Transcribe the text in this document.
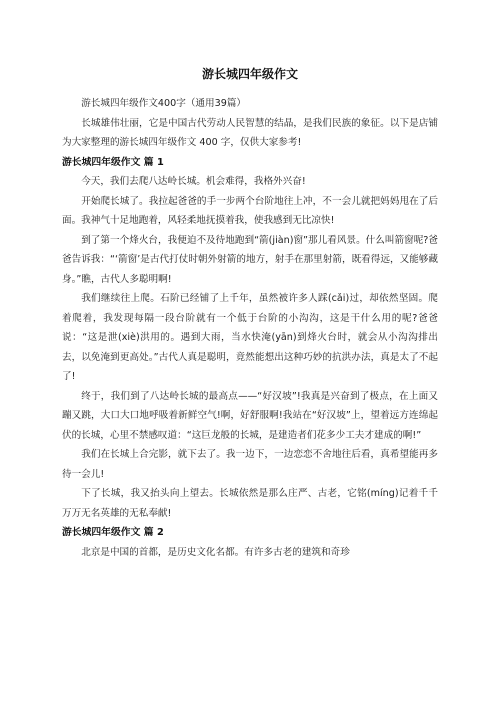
游长城四年级作文

游长城四年级作文400字（通用39篇）

长城雄伟壮丽，它是中国古代劳动人民智慧的结晶，是我们民族的象征。以下是店铺为大家整理的游长城四年级作文 400 字，仅供大家参考!

游长城四年级作文 篇 1

今天，我们去爬八达岭长城。机会难得，我格外兴奋!

开始爬长城了。我拉起爸爸的手一步两个台阶地往上冲，不一会儿就把妈妈甩在了后面。我神气十足地跑着，风轻柔地抚摸着我，使我感到无比凉快!

到了第一个烽火台，我便迫不及待地跑到“箭(jiàn)窗”那儿看风景。什么叫箭窗呢?爸爸告诉我：“‘箭窗’是古代打仗时朝外射箭的地方，射手在那里射箭，既看得远，又能够藏身。”瞧，古代人多聪明啊!

我们继续往上爬。石阶已经铺了上千年，虽然被许多人踩(cǎi)过，却依然坚固。爬着爬着，我发现每隔一段台阶就有一个低于台阶的小沟沟，这是干什么用的呢?爸爸说：“这是泄(xiè)洪用的。遇到大雨，当水快淹(yān)到烽火台时，就会从小沟沟排出去，以免淹到更高处。”古代人真是聪明，竟然能想出这种巧妙的抗洪办法，真是太了不起了!

终于，我们到了八达岭长城的最高点——“好汉坡”!我真是兴奋到了极点，在上面又蹦又跳，大口大口地呼吸着新鲜空气!啊，好舒服啊!我站在“好汉坡”上，望着远方连绵起伏的长城，心里不禁感叹道：“这巨龙般的长城，是建造者们花多少工夫才建成的啊!”

我们在长城上合完影，就下去了。我一边下，一边恋恋不舍地往后看，真希望能再多待一会儿!

下了长城，我又抬头向上望去。长城依然是那么庄严、古老，它铭(míng)记着千千万万无名英雄的无私奉献!

游长城四年级作文 篇 2

北京是中国的首都，是历史文化名都。有许多古老的建筑和奇珍
